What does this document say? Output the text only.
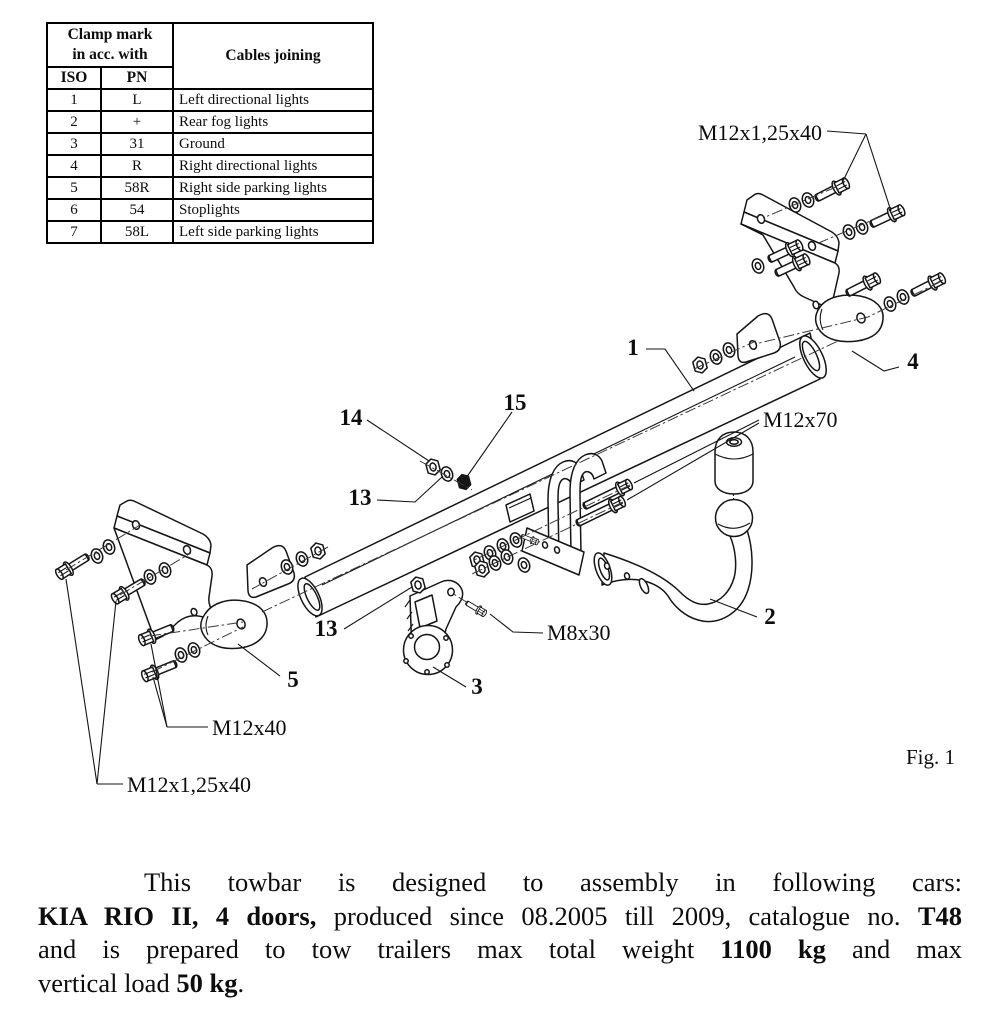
1
2
3
4
5
13
13
14
15
M12x1,25x40
M12x70
M8x30
M12x40
M12x1,25x40
Fig. 1
Clamp mark
in acc. with		Cables joining
ISO	PN	
1	L	Left directional lights
2	+	Rear fog lights
3	31	Ground
4	R	Right directional lights
5	58R	Right side parking lights
6	54	Stoplights
7	58L	Left side parking lights
This towbar is designed to assembly in following cars:
KIA RIO II, 4 doors, produced since 08.2005 till 2009, catalogue no. T48
and is prepared to tow trailers max total weight 1100 kg and max
vertical load 50 kg.
